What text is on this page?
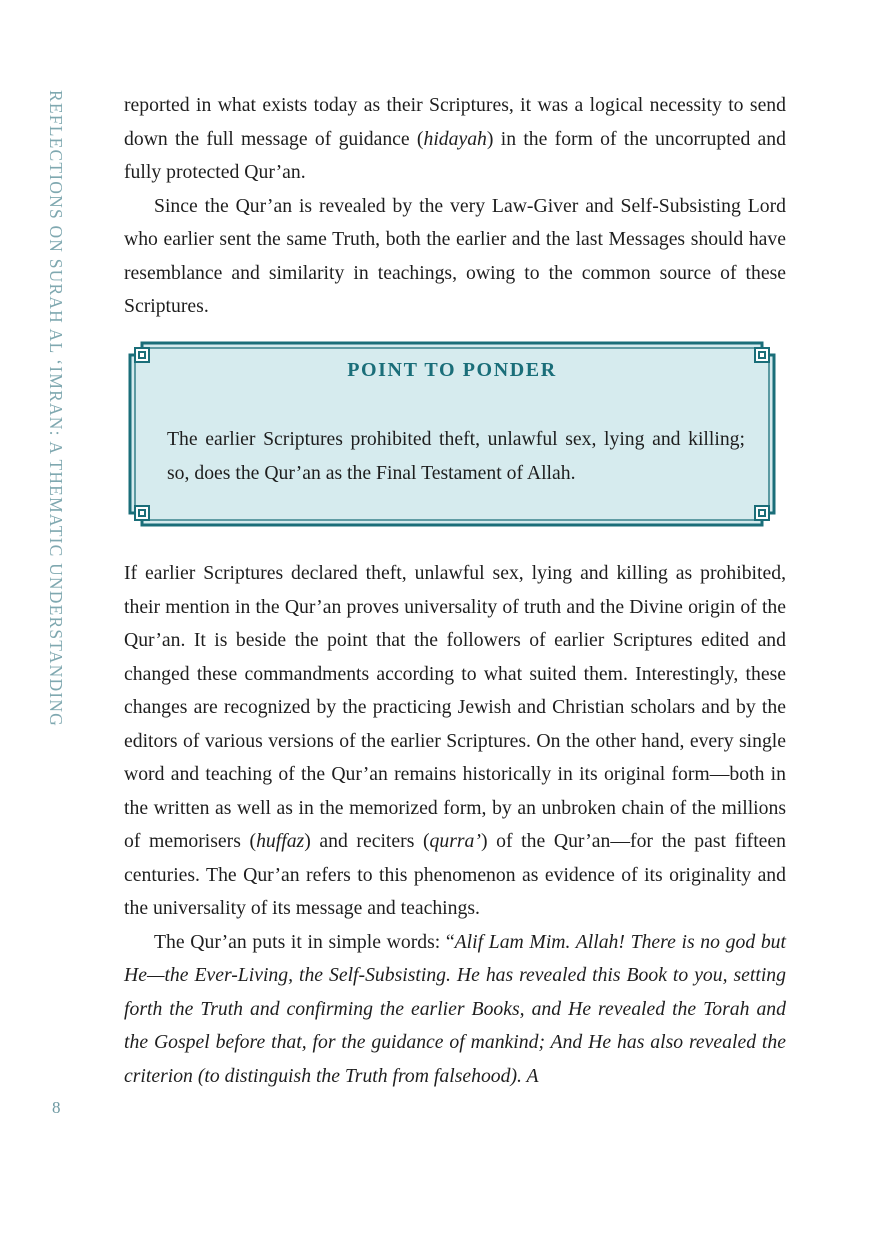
REFLECTIONS ON SURAH AL ‘IMRAN: A THEMATIC UNDERSTANDING	reported in what exists today as their Scriptures, it was a logical necessity to send down the full message of guidance (hidayah) in the form of the uncorrupted and fully protected Qur’an.

Since the Qur’an is revealed by the very Law-Giver and Self-Subsisting Lord who earlier sent the same Truth, both the earlier and the last Messages should have resemblance and similarity in teachings, owing to the common source of these Scriptures.

POINT TO PONDER

The earlier Scriptures prohibited theft, unlawful sex, lying and killing; so, does the Qur’an as the Final Testament of Allah.

If earlier Scriptures declared theft, unlawful sex, lying and killing as prohibited, their mention in the Qur’an proves universality of truth and the Divine origin of the Qur’an. It is beside the point that the followers of earlier Scriptures edited and changed these commandments according to what suited them. Interestingly, these changes are recognized by the practicing Jewish and Christian scholars and by the editors of various versions of the earlier Scriptures. On the other hand, every single word and teaching of the Qur’an remains historically in its original form—both in the written as well as in the memorized form, by an unbroken chain of the millions of memorisers (huffaz) and reciters (qurra’) of the Qur’an—for the past fifteen centuries. The Qur’an refers to this phenomenon as evidence of its originality and the universality of its message and teachings.

The Qur’an puts it in simple words: “Alif Lam Mim. Allah! There is no god but He—the Ever-Living, the Self-Subsisting. He has revealed this Book to you, setting forth the Truth and confirming the earlier Books, and He revealed the Torah and the Gospel before that, for the guidance of mankind; And He has also revealed the criterion (to distinguish the Truth from falsehood). A

8
